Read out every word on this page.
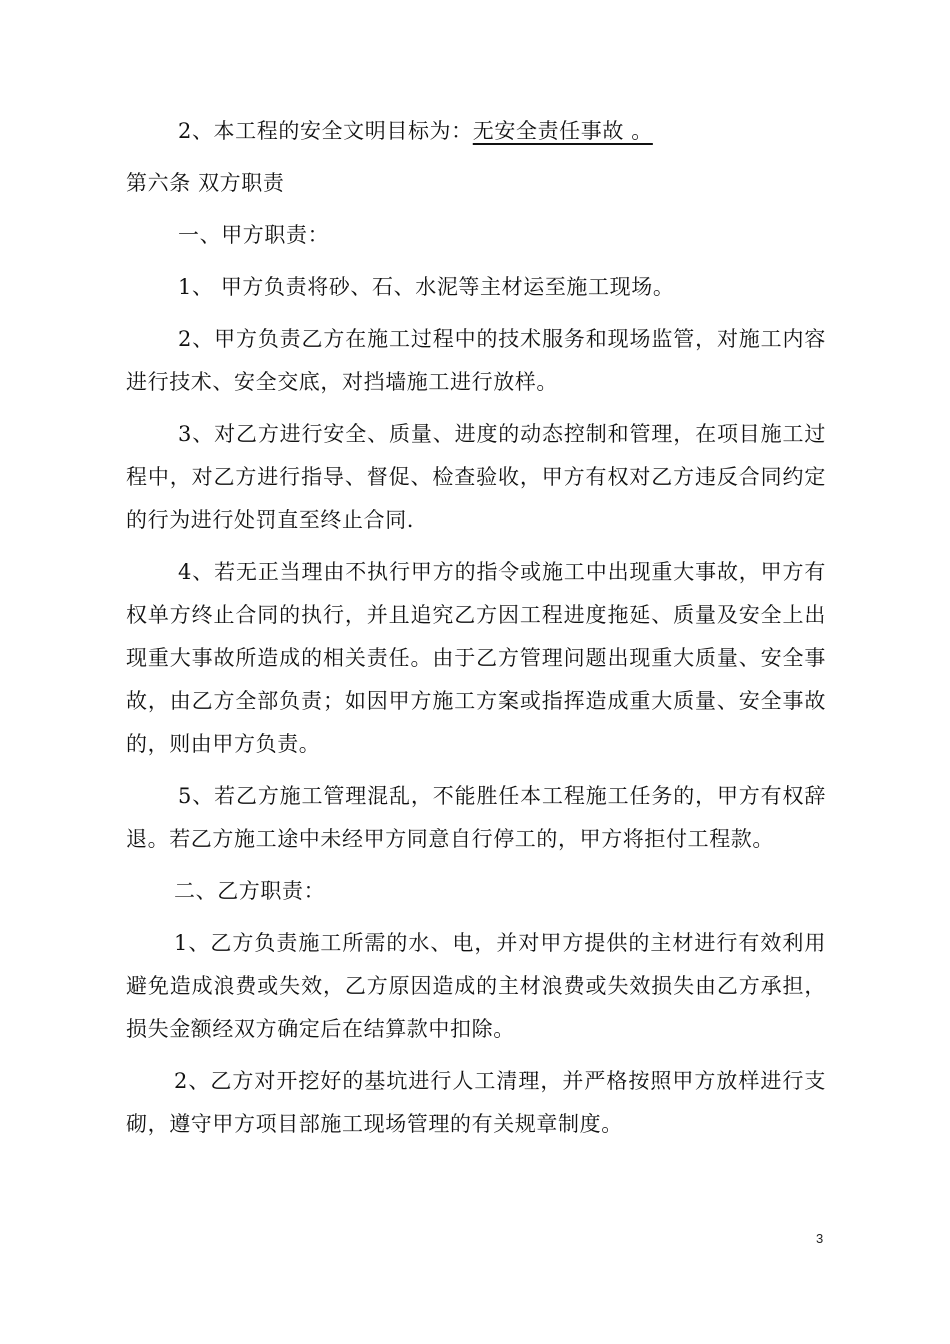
2、本工程的安全文明目标为：无安全责任事故 。

第六条 双方职责

一、甲方职责：

1、 甲方负责将砂、石、水泥等主材运至施工现场。

2、甲方负责乙方在施工过程中的技术服务和现场监管，对施工内容进行技术、安全交底，对挡墙施工进行放样。

3、对乙方进行安全、质量、进度的动态控制和管理，在项目施工过程中，对乙方进行指导、督促、检查验收，甲方有权对乙方违反合同约定的行为进行处罚直至终止合同.

4、若无正当理由不执行甲方的指令或施工中出现重大事故，甲方有权单方终止合同的执行，并且追究乙方因工程进度拖延、质量及安全上出现重大事故所造成的相关责任。由于乙方管理问题出现重大质量、安全事故，由乙方全部负责；如因甲方施工方案或指挥造成重大质量、安全事故的，则由甲方负责。

5、若乙方施工管理混乱，不能胜任本工程施工任务的，甲方有权辞退。若乙方施工途中未经甲方同意自行停工的，甲方将拒付工程款。

二、乙方职责：

1、乙方负责施工所需的水、电，并对甲方提供的主材进行有效利用避免造成浪费或失效，乙方原因造成的主材浪费或失效损失由乙方承担，损失金额经双方确定后在结算款中扣除。

2、乙方对开挖好的基坑进行人工清理，并严格按照甲方放样进行支砌，遵守甲方项目部施工现场管理的有关规章制度。

3
